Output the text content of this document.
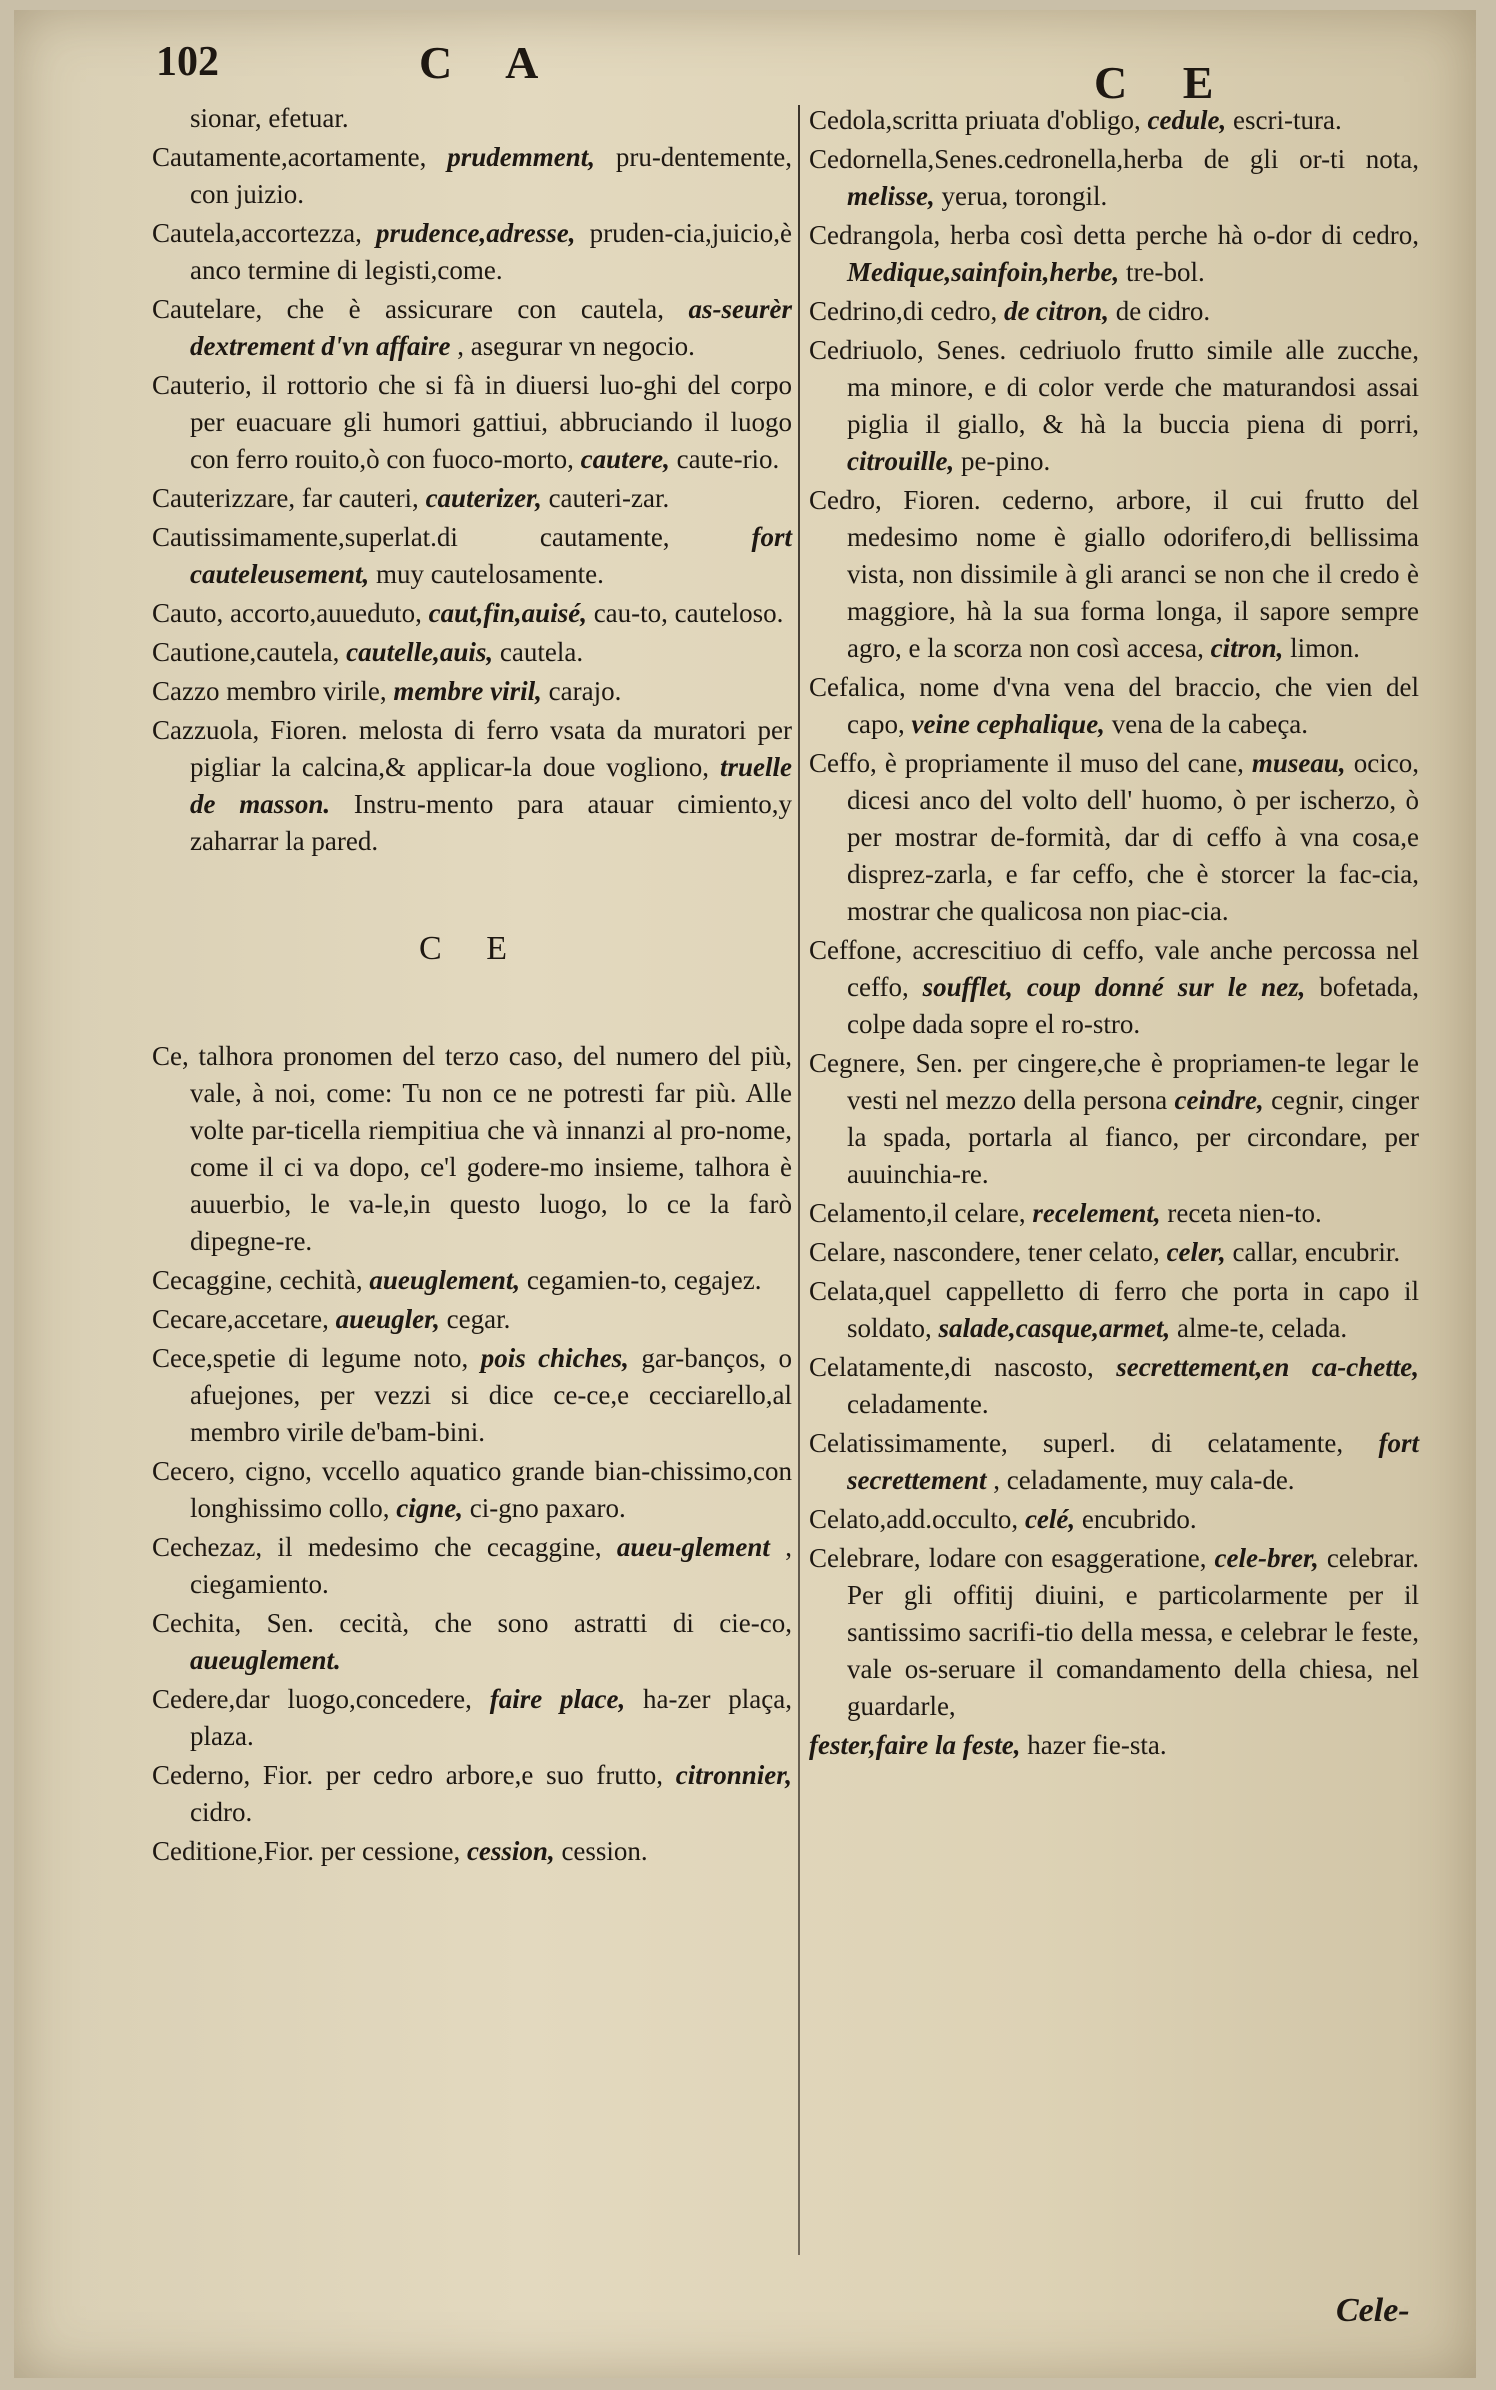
102	C A	C E

sionar, efetuar.

Cautamente,acortamente, prudemment, pru-dentemente, con juizio.

Cautela,accortezza, prudence,adresse, pruden-cia,juicio,è anco termine di legisti,come.

Cautelare, che è assicurare con cautela, as-seurèr dextrement d'vn affaire , asegurar vn negocio.

Cauterio, il rottorio che si fà in diuersi luo-ghi del corpo per euacuare gli humori gattiui, abbruciando il luogo con ferro rouito,ò con fuoco-morto, cautere, caute-rio.

Cauterizzare, far cauteri, cauterizer, cauteri-zar.

Cautissimamente,superlat.di cautamente,	fort cauteleusement, muy cautelosamente.

Cauto, accorto,auueduto, caut,fin,auisé, cau-to, cauteloso.

Cautione,cautela, cautelle,auis, cautela.

Cazzo membro virile, membre viril, carajo.

Cazzuola, Fioren. melosta di ferro vsata da muratori per pigliar la calcina,& applicar-la doue vogliono, truelle de masson. Instru-mento para atauar cimiento,y zaharrar la pared.

C E

Ce, talhora pronomen del terzo caso, del numero del più, vale, à noi, come: Tu non ce ne potresti far più. Alle volte par-ticella riempitiua che và innanzi al pro-nome, come il ci va dopo, ce'l godere-mo insieme, talhora è auuerbio, le va-le,in questo luogo, lo ce la farò dipegne-re.

Cecaggine, cechità, aueuglement, cegamien-to, cegajez.

Cecare,accetare, aueugler, cegar.

Cece,spetie di legume noto, pois chiches, gar-banços, o afuejones, per vezzi si dice ce-ce,e cecciarello,al membro virile de'bam-bini.

Cecero, cigno, vccello aquatico grande bian-chissimo,con longhissimo collo, cigne, ci-gno paxaro.

Cechezaz, il medesimo che cecaggine, aueu-glement , ciegamiento.

Cechita, Sen. cecità, che sono astratti di cie-co, aueuglement.

Cedere,dar luogo,concedere, faire place, ha-zer plaça, plaza.

Cederno, Fior. per cedro arbore,e suo frutto, citronnier, cidro.

Ceditione,Fior. per cessione, cession, cession.

Cedola,scritta priuata d'obligo, cedule, escri-tura.

Cedornella,Senes.cedronella,herba de gli or-ti nota, melisse, yerua, torongil.

Cedrangola, herba così detta perche hà o-dor di cedro, Medique,sainfoin,herbe, tre-bol.

Cedrino,di cedro, de citron, de cidro.

Cedriuolo, Senes. cedriuolo frutto simile alle zucche, ma minore, e di color verde che maturandosi assai piglia il giallo, & hà la buccia piena di porri, citrouille, pe-pino.

Cedro, Fioren. cederno, arbore, il cui frutto del medesimo nome è giallo odorifero,di bellissima vista, non dissimile à gli aranci se non che il credo è maggiore, hà la sua forma longa, il sapore sempre agro, e la scorza non così accesa, citron, limon.

Cefalica, nome d'vna vena del braccio, che vien del capo, veine cephalique, vena de la cabeça.

Ceffo, è propriamente il muso del cane, museau, ocico, dicesi anco del volto dell' huomo, ò per ischerzo, ò per mostrar de-formità, dar di ceffo à vna cosa,e disprez-zarla, e far ceffo, che è storcer la fac-cia, mostrar che qualicosa non piac-cia.

Ceffone, accrescitiuo di ceffo, vale anche percossa nel ceffo, soufflet, coup donné sur le nez, bofetada, colpe dada sopre el ro-stro.

Cegnere, Sen. per cingere,che è propriamen-te legar le vesti nel mezzo della persona ceindre, cegnir, cinger la spada, portarla al fianco, per circondare, per auuinchia-re.

Celamento,il celare, recelement, receta nien-to.

Celare, nascondere, tener celato, celer, callar, encubrir.

Celata,quel cappelletto di ferro che porta in capo il soldato, salade,casque,armet, alme-te, celada.

Celatamente,di nascosto, secrettement,en ca-chette, celadamente.

Celatissimamente, superl. di celatamente, fort secrettement , celadamente, muy cala-de.

Celato,add.occulto, celé, encubrido.

Celebrare, lodare con esaggeratione, cele-brer, celebrar. Per gli offitij diuini, e particolarmente per il santissimo sacrifi-tio della messa, e celebrar le feste, vale os-seruare il comandamento della chiesa, nel guardarle,

fester,faire la feste, hazer fie-sta.

Cele-
